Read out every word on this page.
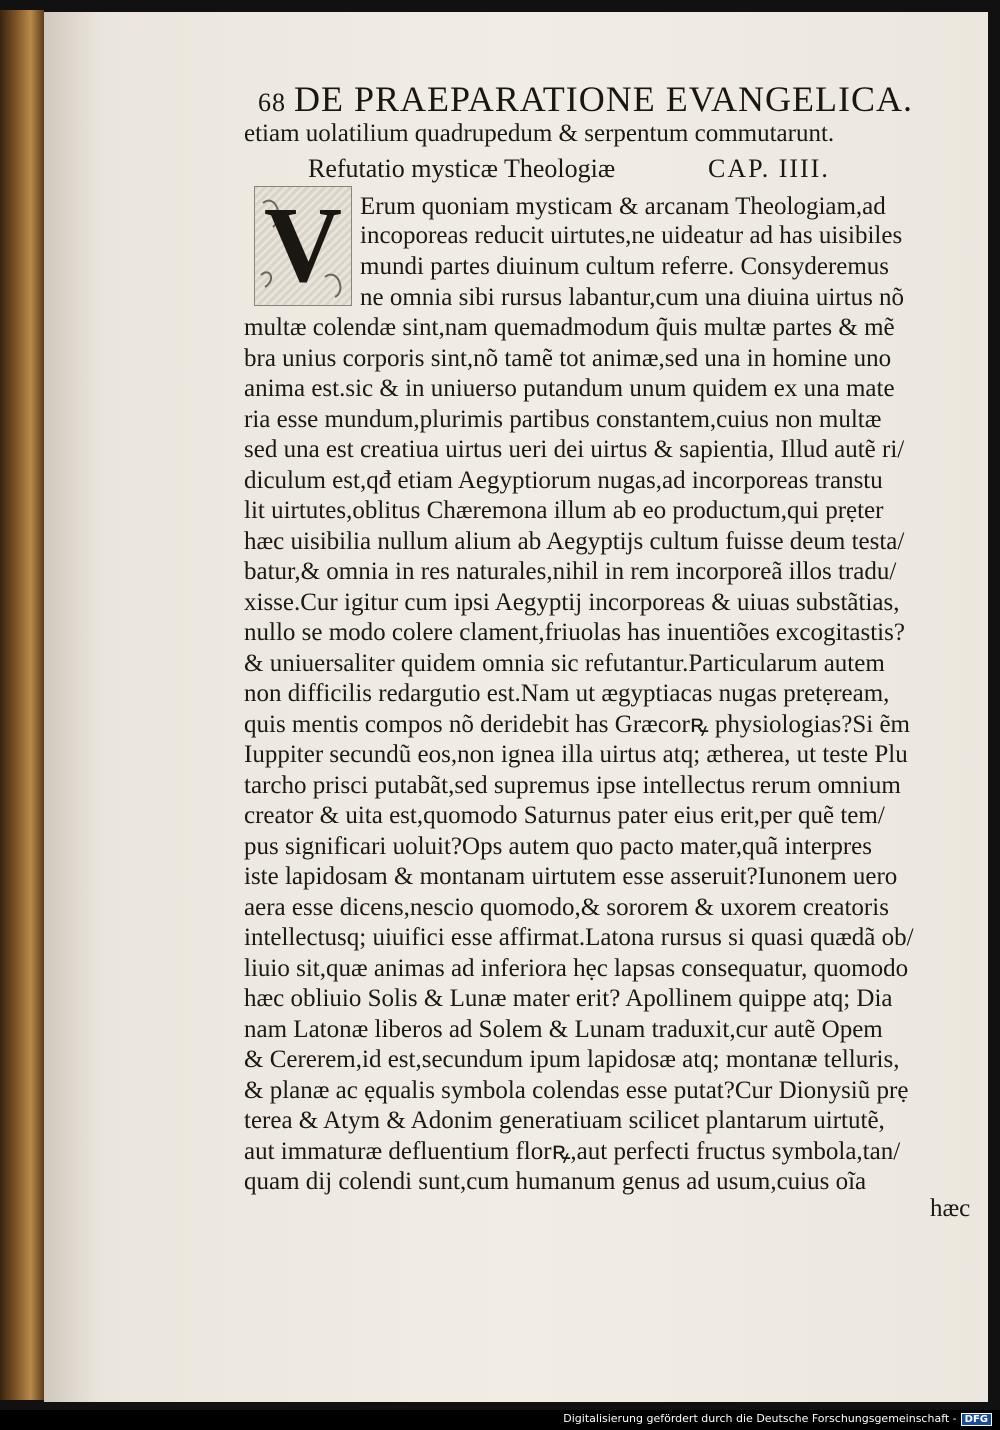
68 DE PRAEPARATIONE EVANGELICA.
etiam uolatilium quadrupedum & serpentum commutarunt.
Refutatio mysticæ Theologiæ	CAP. IIII.
V Erum quoniam mysticam & arcanam Theologiam,ad
incoporeas reducit uirtutes,ne uideatur ad has uisibiles
mundi partes diuinum cultum referre. Consyderemus
ne omnia sibi rursus labantur,cum una diuina uirtus nõ
multæ colendæ sint,nam quemadmodum q̃uis multæ partes & mẽ
bra unius corporis sint,nõ tamẽ tot animæ,sed una in homine uno
anima est.sic & in uniuerso putandum unum quidem ex una mate
ria esse mundum,plurimis partibus constantem,cuius non multæ
sed una est creatiua uirtus ueri dei uirtus & sapientia, Illud autẽ ri/
diculum est,qđ etiam Aegyptiorum nugas,ad incorporeas transtu
lit uirtutes,oblitus Chæremona illum ab eo productum,qui prẹter
hæc uisibilia nullum alium ab Aegyptijs cultum fuisse deum testa/
batur,& omnia in res naturales,nihil in rem incorporeã illos tradu/
xisse.Cur igitur cum ipsi Aegyptij incorporeas & uiuas substãtias,
nullo se modo colere clament,friuolas has inuentiões excogitastis?
& uniuersaliter quidem omnia sic refutantur.Particularum autem
non difficilis redargutio est.Nam ut ægyptiacas nugas pretẹream,
quis mentis compos nõ deridebit has Græcorꝶ physiologias?Si ẽm
Iuppiter secundũ eos,non ignea illa uirtus atq; ætherea, ut teste Plu
tarcho prisci putabãt,sed supremus ipse intellectus rerum omnium
creator & uita est,quomodo Saturnus pater eius erit,per quẽ tem/
pus significari uoluit?Ops autem quo pacto mater,quã interpres
iste lapidosam & montanam uirtutem esse asseruit?Iunonem uero
aera esse dicens,nescio quomodo,& sororem & uxorem creatoris
intellectusq; uiuifici esse affirmat.Latona rursus si quasi quædã ob/
liuio sit,quæ animas ad inferiora hẹc lapsas consequatur, quomodo
hæc obliuio Solis & Lunæ mater erit? Apollinem quippe atq; Dia
nam Latonæ liberos ad Solem & Lunam traduxit,cur autẽ Opem
& Cererem,id est,secundum ipum lapidosæ atq; montanæ telluris,
& planæ ac ẹqualis symbola colendas esse putat?Cur Dionysiũ prẹ
terea & Atym & Adonim generatiuam scilicet plantarum uirtutẽ,
aut immaturæ defluentium florꝶ,aut perfecti fructus symbola,tan/
quam dij colendi sunt,cum humanum genus ad usum,cuius oĩa
hæc
Digitalisierung gefördert durch die Deutsche Forschungsgemeinschaft - DFG
